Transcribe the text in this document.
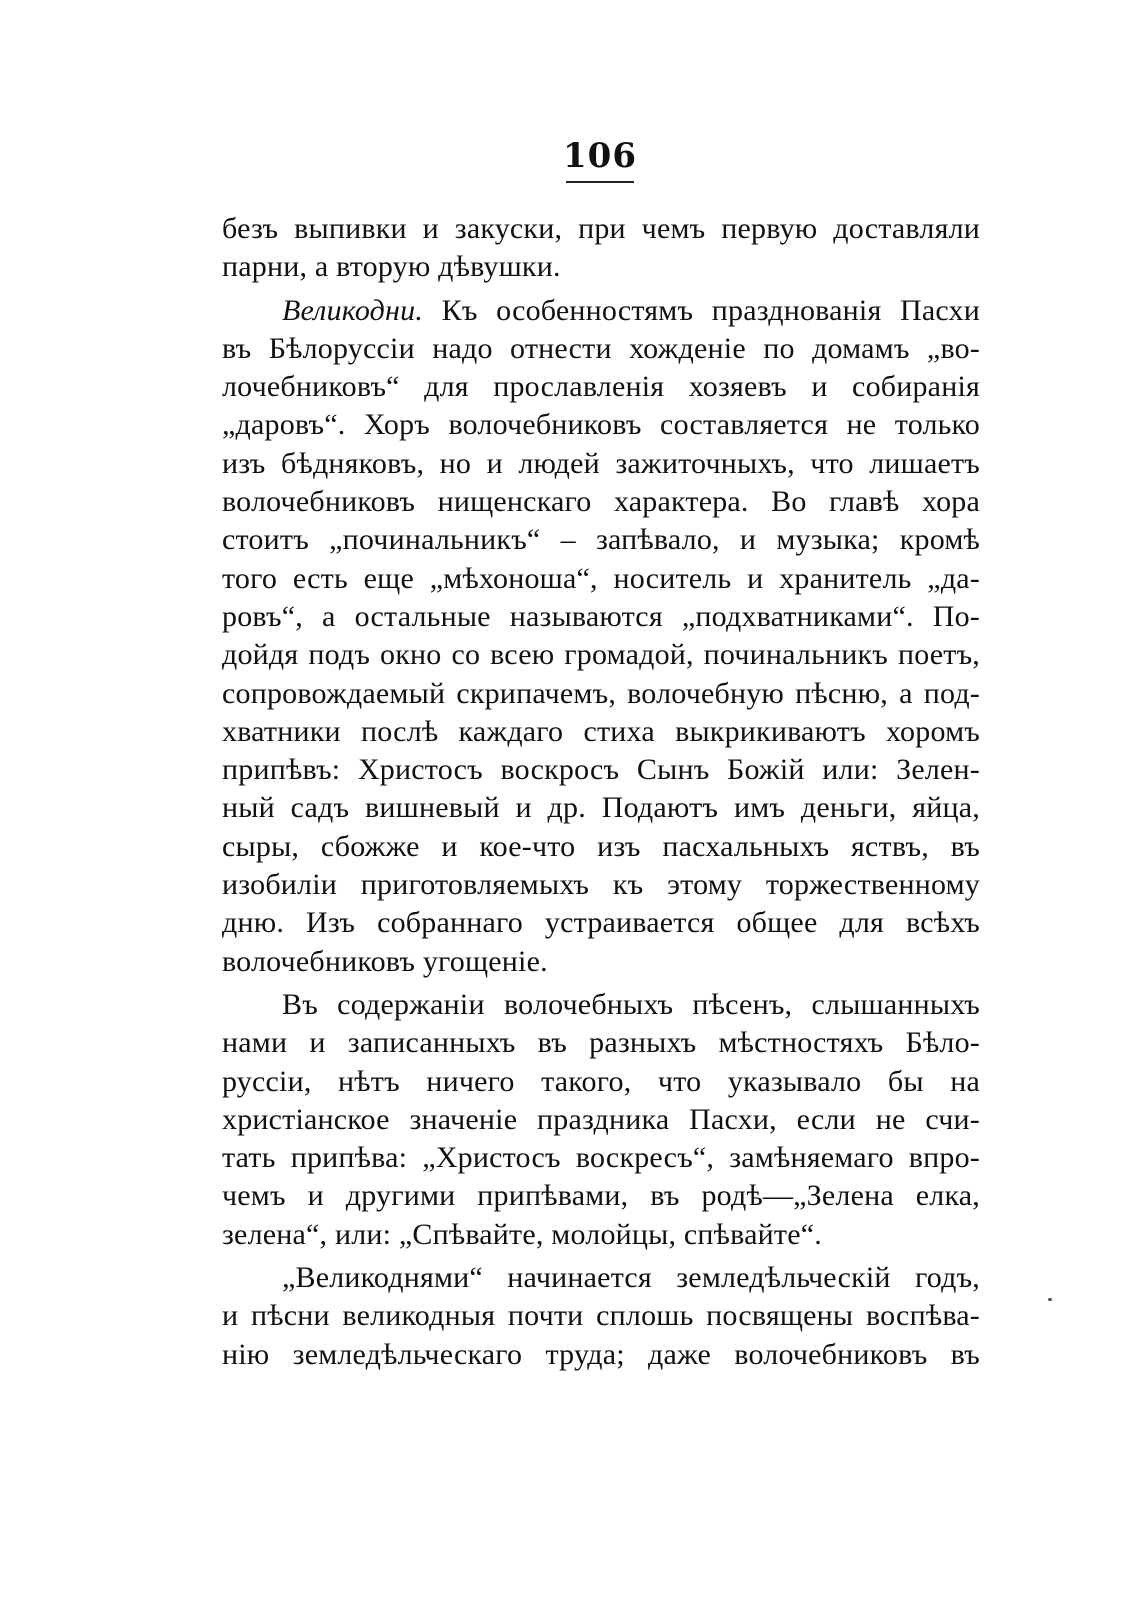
106
безъ выпивки и закуски, при чемъ первую доставляли
парни, а вторую дѣвушки.
Великодни. Къ особенностямъ празднованія Пасхи
въ Бѣлоруссіи надо отнести хожденіе по домамъ „во-
лочебниковъ“ для прославленія хозяевъ и собиранія
„даровъ“. Хоръ волочебниковъ составляется не только
изъ бѣдняковъ, но и людей зажиточныхъ, что лишаетъ
волочебниковъ нищенскаго характера. Во главѣ хора
стоитъ „починальникъ“ – запѣвало, и музыка; кромѣ
того есть еще „мѣхоноша“, носитель и хранитель „да-
ровъ“, а остальные называются „подхватниками“. По-
дойдя подъ окно со всею громадой, починальникъ поетъ,
сопровождаемый скрипачемъ, волочебную пѣсню, а под-
хватники послѣ каждаго стиха выкрикиваютъ хоромъ
припѣвъ: Христосъ воскросъ Сынъ Божій или: Зелен-
ный садъ вишневый и др. Подаютъ имъ деньги, яйца,
сыры, сбожже и кое-что изъ пасхальныхъ яствъ, въ
изобиліи приготовляемыхъ къ этому торжественному
дню. Изъ собраннаго устраивается общее для всѣхъ
волочебниковъ угощеніе.
Въ содержаніи волочебныхъ пѣсенъ, слышанныхъ
нами и записанныхъ въ разныхъ мѣстностяхъ Бѣло-
руссіи, нѣтъ ничего такого, что указывало бы на
христіанское значеніе праздника Пасхи, если не счи-
тать припѣва: „Христосъ воскресъ“, замѣняемаго впро-
чемъ и другими припѣвами, въ родѣ—„Зелена елка,
зелена“, или: „Спѣвайте, молойцы, спѣвайте“.
„Великоднями“ начинается земледѣльческій годъ,
и пѣсни великодныя почти сплошь посвящены воспѣва-
нію земледѣльческаго труда; даже волочебниковъ въ
